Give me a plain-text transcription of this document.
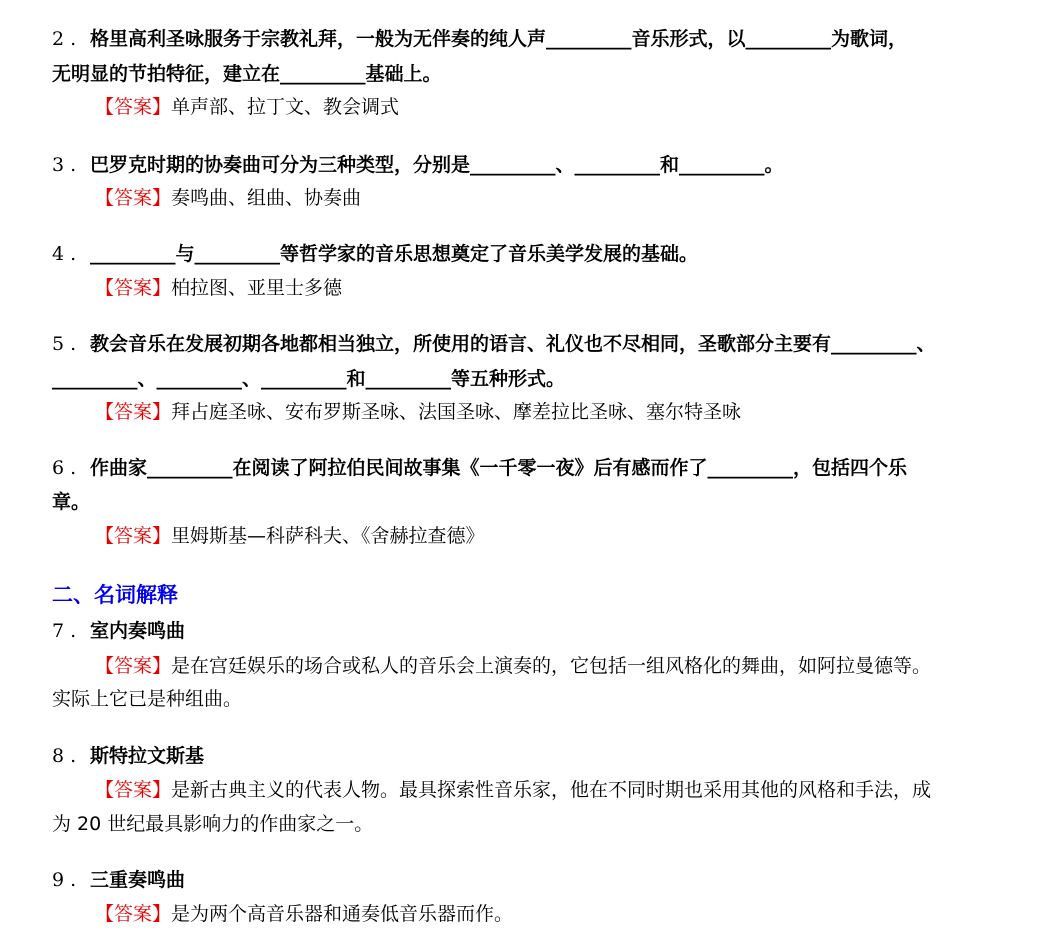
2 . 格里高利圣咏服务于宗教礼拜，一般为无伴奏的纯人声_________音乐形式，以_________为歌词，
无明显的节拍特征，建立在_________基础上。
【答案】单声部、拉丁文、教会调式
3 . 巴罗克时期的协奏曲可分为三种类型，分别是_________、_________和_________。
【答案】奏鸣曲、组曲、协奏曲
4 . _________与_________等哲学家的音乐思想奠定了音乐美学发展的基础。
【答案】柏拉图、亚里士多德
5 . 教会音乐在发展初期各地都相当独立，所使用的语言、礼仪也不尽相同，圣歌部分主要有_________、
_________、_________、_________和_________等五种形式。
【答案】拜占庭圣咏、安布罗斯圣咏、法国圣咏、摩差拉比圣咏、塞尔特圣咏
6 . 作曲家_________在阅读了阿拉伯民间故事集《一千零一夜》后有感而作了_________，包括四个乐
章。
【答案】里姆斯基—科萨科夫、《舍赫拉查德》
二、名词解释
7 . 室内奏鸣曲
【答案】是在宫廷娱乐的场合或私人的音乐会上演奏的，它包括一组风格化的舞曲，如阿拉曼德等。
实际上它已是种组曲。
8 . 斯特拉文斯基
【答案】是新古典主义的代表人物。最具探索性音乐家，他在不同时期也采用其他的风格和手法，成
为 20 世纪最具影响力的作曲家之一。
9 . 三重奏鸣曲
【答案】是为两个高音乐器和通奏低音乐器而作。
